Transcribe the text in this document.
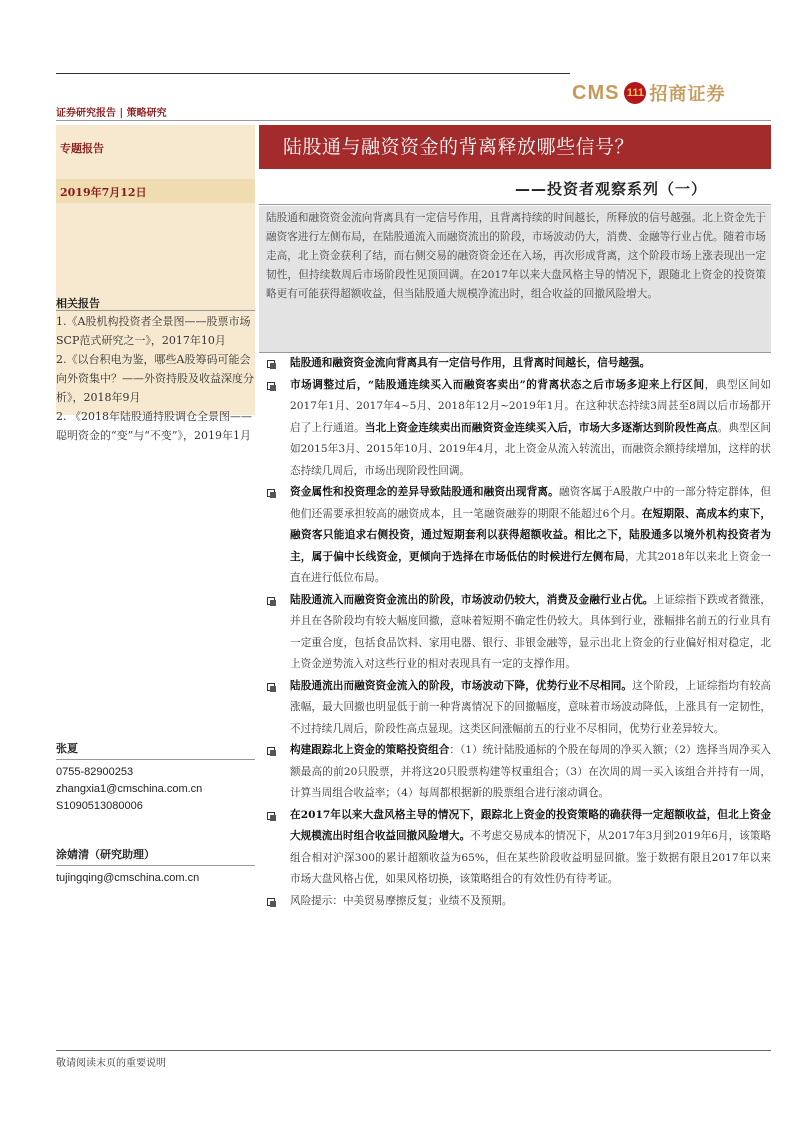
CMS 111 招商证券
证券研究报告 | 策略研究
专题报告
2019年7月12日
陆股通与融资资金的背离释放哪些信号？
——投资者观察系列（一）
陆股通和融资资金流向背离具有一定信号作用，且背离持续的时间越长，所释放的信号越强。北上资金先于融资客进行左侧布局，在陆股通流入而融资流出的阶段，市场波动仍大，消费、金融等行业占优。随着市场走高，北上资金获利了结，而右侧交易的融资资金还在入场，再次形成背离，这个阶段市场上涨表现出一定韧性，但持续数周后市场阶段性见顶回调。在2017年以来大盘风格主导的情况下，跟随北上资金的投资策略更有可能获得超额收益，但当陆股通大规模净流出时，组合收益的回撤风险增大。
相关报告
1.《A股机构投资者全景图——股票市场SCP范式研究之一》，2017年10月
2.《以台积电为鉴，哪些A股筹码可能会向外资集中？——外资持股及收益深度分析》，2018年9月
2. 《2018年陆股通持股调仓全景图——聪明资金的“变”与“不变”》，2019年1月
张夏
0755-82900253
zhangxia1@cmschina.com.cn
S1090513080006
涂婧清（研究助理）
tujingqing@cmschina.com.cn
陆股通和融资资金流向背离具有一定信号作用，且背离时间越长，信号越强。
市场调整过后，“陆股通连续买入而融资客卖出”的背离状态之后市场多迎来上行区间，典型区间如2017年1月、2017年4~5月、2018年12月~2019年1月。在这种状态持续3周甚至8周以后市场都开启了上行通道。当北上资金连续卖出而融资资金连续买入后，市场大多逐渐达到阶段性高点。典型区间如2015年3月、2015年10月、2019年4月，北上资金从流入转流出，而融资余额持续增加，这样的状态持续几周后，市场出现阶段性回调。
资金属性和投资理念的差异导致陆股通和融资出现背离。融资客属于A股散户中的一部分特定群体，但他们还需要承担较高的融资成本，且一笔融资融券的期限不能超过6个月。在短期限、高成本约束下，融资客只能追求右侧投资，通过短期套利以获得超额收益。相比之下，陆股通多以境外机构投资者为主，属于偏中长线资金，更倾向于选择在市场低估的时候进行左侧布局，尤其2018年以来北上资金一直在进行低位布局。
陆股通流入而融资资金流出的阶段，市场波动仍较大，消费及金融行业占优。上证综指下跌或者微涨，并且在各阶段均有较大幅度回撤，意味着短期不确定性仍较大。具体到行业，涨幅排名前五的行业具有一定重合度，包括食品饮料、家用电器、银行、非银金融等，显示出北上资金的行业偏好相对稳定，北上资金逆势流入对这些行业的相对表现具有一定的支撑作用。
陆股通流出而融资资金流入的阶段，市场波动下降，优势行业不尽相同。这个阶段，上证综指均有较高涨幅，最大回撤也明显低于前一种背离情况下的回撤幅度，意味着市场波动降低，上涨具有一定韧性，不过持续几周后，阶段性高点显现。这类区间涨幅前五的行业不尽相同，优势行业差异较大。
构建跟踪北上资金的策略投资组合：（1）统计陆股通标的个股在每周的净买入额；（2）选择当周净买入额最高的前20只股票，并将这20只股票构建等权重组合；（3）在次周的周一买入该组合并持有一周，计算当周组合收益率；（4）每周都根据新的股票组合进行滚动调仓。
在2017年以来大盘风格主导的情况下，跟踪北上资金的投资策略的确获得一定超额收益，但北上资金大规模流出时组合收益回撤风险增大。不考虑交易成本的情况下，从2017年3月到2019年6月，该策略组合相对沪深300的累计超额收益为65%，但在某些阶段收益明显回撤。鉴于数据有限且2017年以来市场大盘风格占优，如果风格切换，该策略组合的有效性仍有待考证。
风险提示：中美贸易摩擦反复；业绩不及预期。
敬请阅读末页的重要说明
